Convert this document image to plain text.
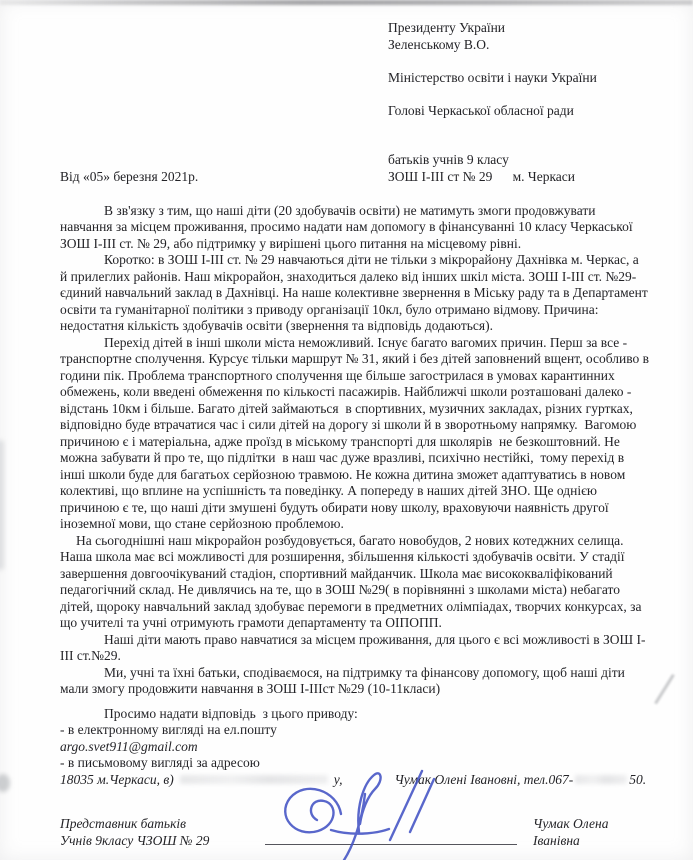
Президенту України

Зеленському В.О.

Міністерство освіти і науки України

Голові Черкаської обласної ради

батьків учнів 9 класу

ЗОШ І-ІІІ ст № 29      м. Черкаси

Від «05» березня 2021р.

В зв'язку з тим, що наші діти (20 здобувачів освіти) не матимуть змоги продовжувати навчання за місцем проживання, просимо надати нам допомогу в фінансуванні 10 класу Черкаської ЗОШ І-ІІІ ст. № 29, або підтримку у вирішені цього питання на місцевому рівні.

Коротко: в ЗОШ І-ІІІ ст. № 29 навчаються діти не тільки з мікрорайону Дахнівка м. Черкас, а й прилеглих районів. Наш мікрорайон, знаходиться далеко від інших шкіл міста. ЗОШ І-ІІІ ст. №29- єдиний навчальний заклад в Дахнівці. На наше колективне звернення в Міську раду та в Департамент освіти та гуманітарної політики з приводу організації 10кл, було отримано відмову. Причина: недостатня кількість здобувачів освіти (звернення та відповідь додаються).

Перехід дітей в інші школи міста неможливий. Існує багато вагомих причин. Перш за все - транспортне сполучення. Курсує тільки маршрут № 31, який і без дітей заповнений вщент, особливо в години пік. Проблема транспортного сполучення ще більше загострилася в умовах карантинних обмежень, коли введені обмеження по кількості пасажирів. Найближчі школи розташовані далеко - відстань 10км і більше. Багато дітей займаються  в спортивних, музичних закладах, різних гуртках, відповідно буде втрачатися час і сили дітей на дорогу зі школи й в зворотньому напрямку.  Вагомою причиною є і матеріальна, адже проїзд в міському транспорті для школярів  не безкоштовний. Не можна забувати й про те, що підлітки  в наш час дуже вразливі, психічно нестійкі,  тому перехід в інші школи буде для багатьох серйозною травмою. Не кожна дитина зможет адаптуватись в новом колективі, що вплине на успішність та поведінку. А попереду в наших дітей ЗНО. Ще однією причиною є те, що наші діти змушені будуть обирати нову школу, враховуючи наявність другої іноземної мови, що стане серйозною проблемою.

На сьогоднішні наш мікрорайон розбудовується, багато новобудов, 2 нових котеджних селища. Наша школа має всі можливості для розширення, збільшення кількості здобувачів освіти. У стадії завершення довгоочікуваний стадіон, спортивний майданчик. Школа має висококваліфікований педагогічний склад. Не дивлячись на те, що в ЗОШ №29( в порівнянні з школами міста) небагато дітей, щороку навчальний заклад здобуває перемоги в предметних олімпіадах, творчих конкурсах, за що учителі та учні отримують грамоти департаменту та ОІПОПП.

Наші діти мають право навчатися за місцем проживання, для цього є всі можливості в ЗОШ І-ІІІ ст.№29.

Ми, учні та їхні батьки, сподіваємося, на підтримку та фінансову допомогу, щоб наші діти мали змогу продовжити навчання в ЗОШ І-ІІІст №29 (10-11класи)

Просимо надати відповідь  з цього приводу:

- в електронному вигляді на ел.пошту

argo.svet911@gmail.com

- в письмовому вигляді за адресою

18035 м.Черкаси, в)	у,	Чумак Олені Івановні, тел.067-	50.

Представник батьків

Учнів 9класу ЧЗОШ № 29

Чумак Олена Іванівна
